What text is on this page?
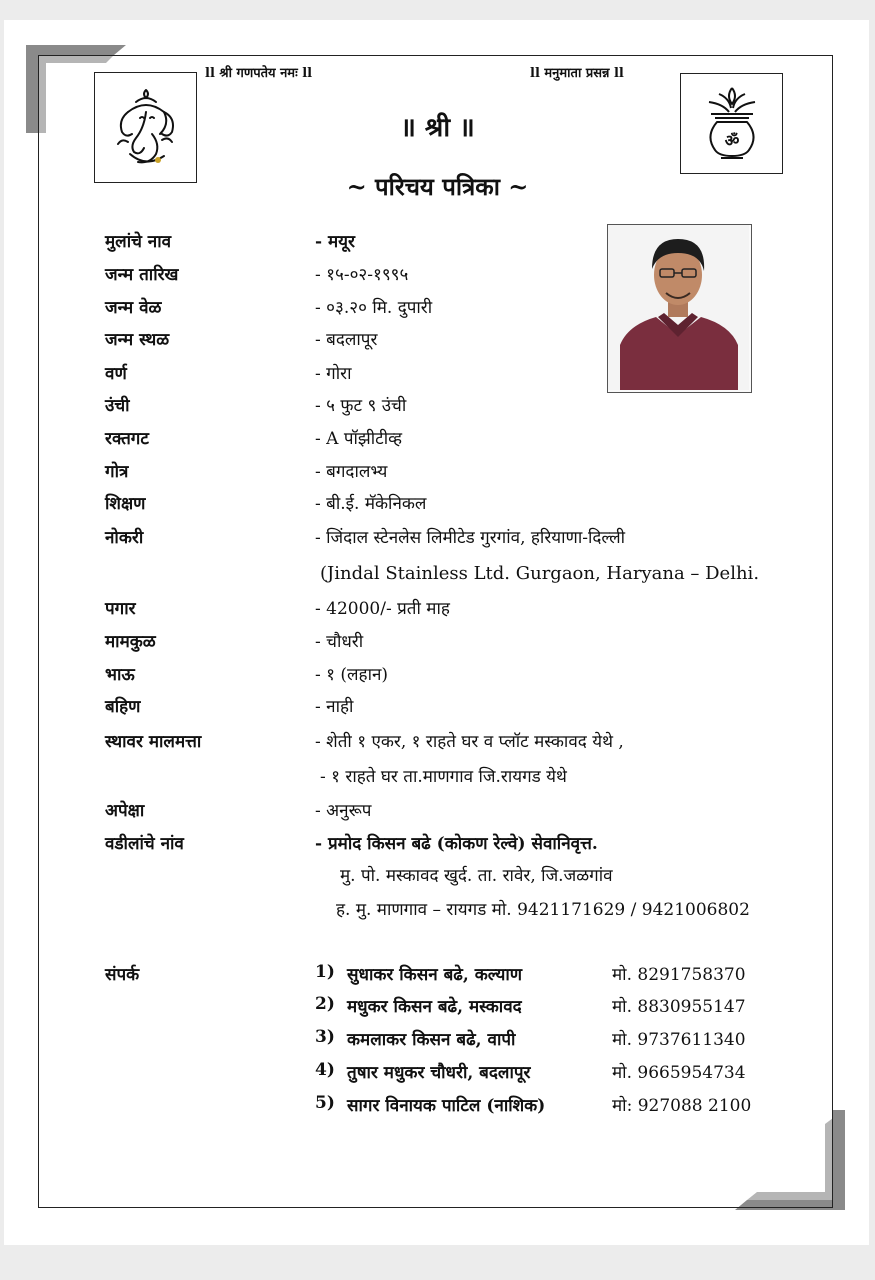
ll श्री गणपतेय नमः ll	ll मनुमाता प्रसन्न ll
ॐ
॥ श्री ॥
~ परिचय पत्रिका ~
मुलांचे नाव	- मयूर
जन्म तारिख	- १५-०२-१९९५
जन्म वेळ	- ०३.२० मि. दुपारी
जन्म स्थळ	- बदलापूर
वर्ण	- गोरा
उंची	- ५ फुट ९ उंची
रक्तगट	- A पॉझीटीव्ह
गोत्र	- बगदालभ्य
शिक्षण	- बी.ई. मॅकेनिकल
नोकरी	- जिंदाल स्टेनलेस लिमीटेड गुरगांव, हरियाणा-दिल्ली
(Jindal Stainless Ltd. Gurgaon, Haryana – Delhi.
पगार	- 42000/- प्रती माह
मामकुळ	- चौधरी
भाऊ	- १ (लहान)
बहिण	- नाही
स्थावर मालमत्ता	- शेती १ एकर, १ राहते घर व प्लॉट मस्कावद येथे ,
- १ राहते घर ता.माणगाव जि.रायगड येथे
अपेक्षा	- अनुरूप
वडीलांचे नांव	- प्रमोद किसन बढे (कोकण रेल्वे) सेवानिवृत्त.
मु. पो. मस्कावद खुर्द. ता. रावेर, जि.जळगांव
ह. मु. माणगाव – रायगड मो. 9421171629 / 9421006802
संपर्क	1) सुधाकर किसन बढे, कल्याण	मो. 8291758370
2) मधुकर किसन बढे, मस्कावद	मो. 8830955147
3) कमलाकर किसन बढे, वापी	मो. 9737611340
4) तुषार मधुकर चौधरी, बदलापूर	मो. 9665954734
5) सागर विनायक पाटिल (नाशिक)	मो: 927088 2100
